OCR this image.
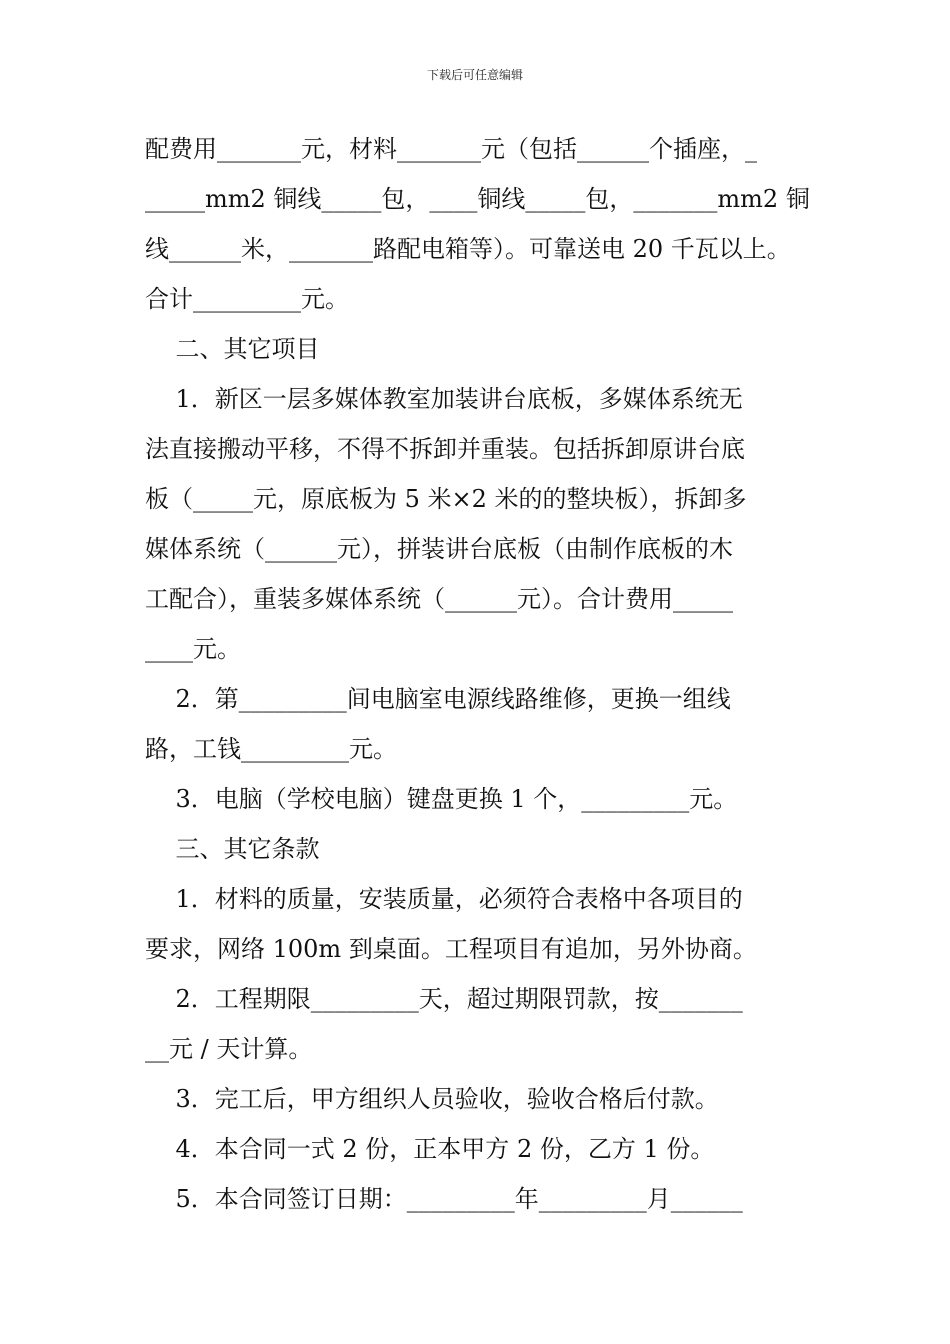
下载后可任意编辑
配费用_______元，材料_______元（包括______个插座，_
_____mm2 铜线_____包，____铜线_____包，_______mm2 铜
线______米，_______路配电箱等）。可靠送电 20 千瓦以上。
合计_________元。
二、其它项目
1．新区一层多媒体教室加装讲台底板，多媒体系统无
法直接搬动平移，不得不拆卸并重装。包括拆卸原讲台底
板（_____元，原底板为 5 米×2 米的的整块板），拆卸多
媒体系统（______元），拼装讲台底板（由制作底板的木
工配合），重装多媒体系统（______元）。合计费用_____
____元。
2．第_________间电脑室电源线路维修，更换一组线
路，工钱_________元。
3．电脑（学校电脑）键盘更换 1 个，_________元。
三、其它条款
1．材料的质量，安装质量，必须符合表格中各项目的
要求，网络 100m 到桌面。工程项目有追加，另外协商。
2．工程期限_________天，超过期限罚款，按_______
__元 / 天计算。
3．完工后，甲方组织人员验收，验收合格后付款。
4．本合同一式 2 份，正本甲方 2 份，乙方 1 份。
5．本合同签订日期：_________年_________月______
